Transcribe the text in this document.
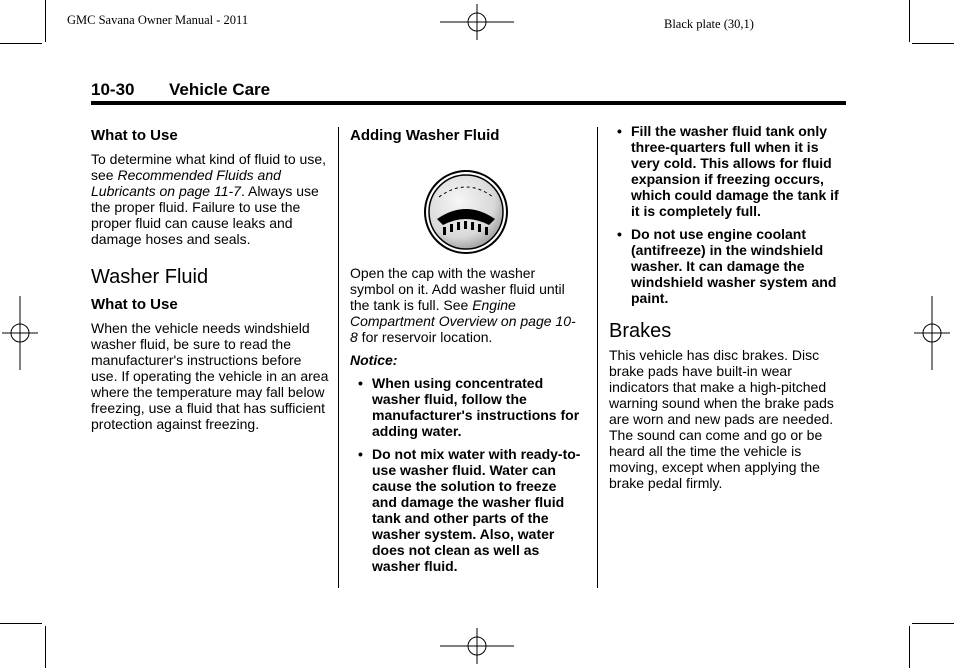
GMC Savana Owner Manual - 2011	Black plate (30,1)
10-30 Vehicle Care

What to Use

To determine what kind of fluid to use, see Recommended Fluids and Lubricants on page 11-7. Always use the proper fluid. Failure to use the proper fluid can cause leaks and damage hoses and seals.

Washer Fluid

What to Use

When the vehicle needs windshield washer fluid, be sure to read the manufacturer's instructions before use. If operating the vehicle in an area where the temperature may fall below freezing, use a fluid that has sufficient protection against freezing.

Adding Washer Fluid

Open the cap with the washer symbol on it. Add washer fluid until the tank is full. See Engine Compartment Overview on page 10-8 for reservoir location.

Notice:

• When using concentrated washer fluid, follow the manufacturer's instructions for adding water.

• Do not mix water with ready-to-use washer fluid. Water can cause the solution to freeze and damage the washer fluid tank and other parts of the washer system. Also, water does not clean as well as washer fluid.

• Fill the washer fluid tank only three-quarters full when it is very cold. This allows for fluid expansion if freezing occurs, which could damage the tank if it is completely full.

• Do not use engine coolant (antifreeze) in the windshield washer. It can damage the windshield washer system and paint.

Brakes

This vehicle has disc brakes. Disc brake pads have built-in wear indicators that make a high-pitched warning sound when the brake pads are worn and new pads are needed. The sound can come and go or be heard all the time the vehicle is moving, except when applying the brake pedal firmly.
